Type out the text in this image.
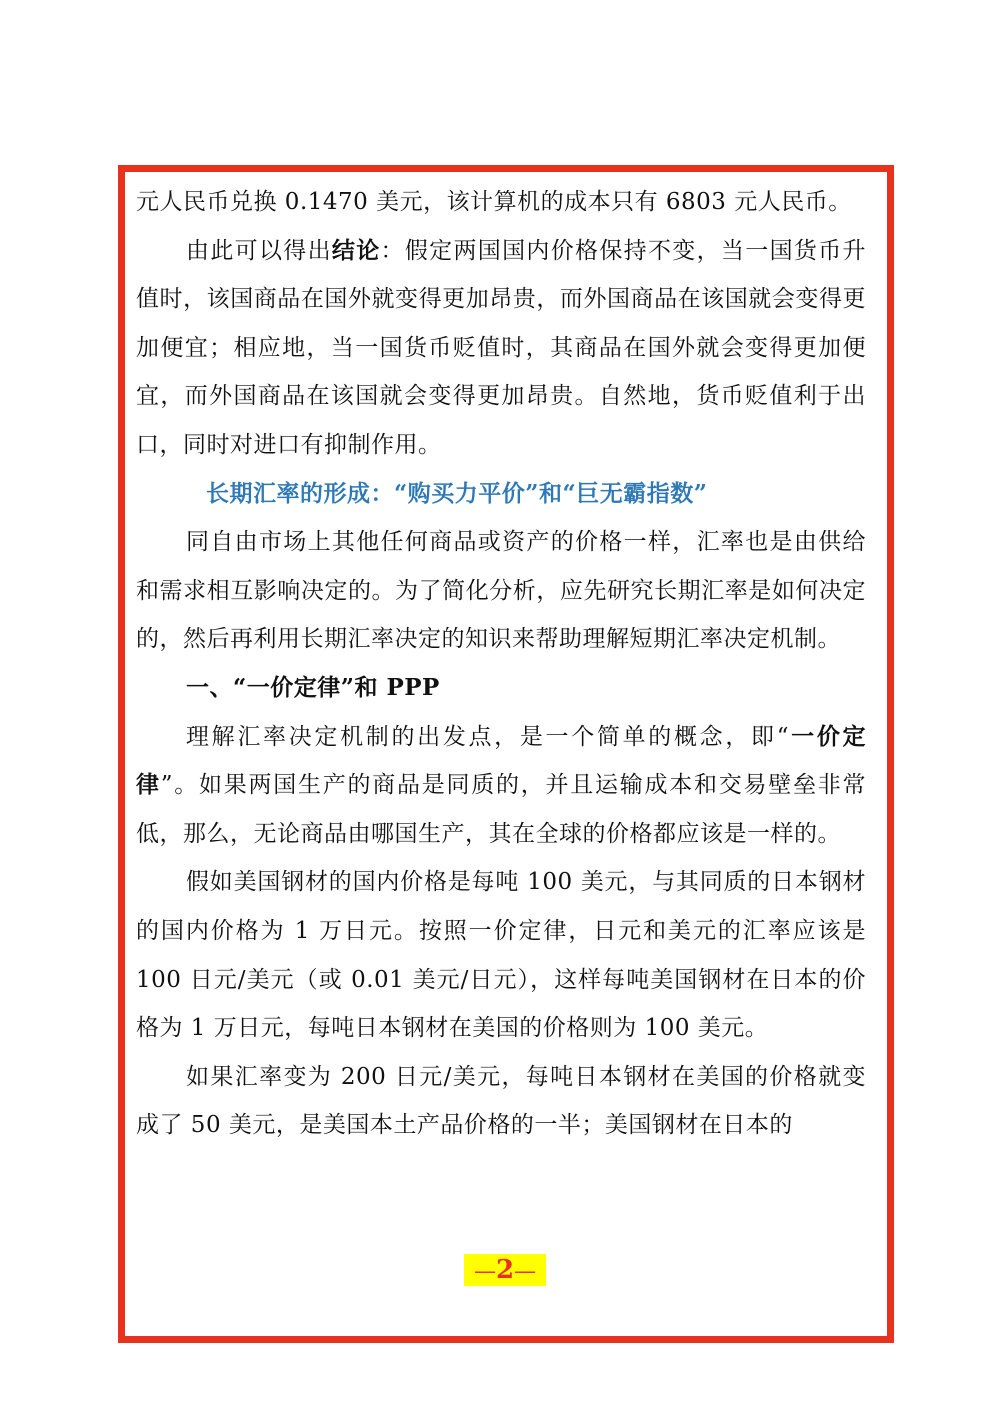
元人民币兑换 0.1470 美元，该计算机的成本只有 6803 元人民币。

由此可以得出结论：假定两国国内价格保持不变，当一国货币升值时，该国商品在国外就变得更加昂贵，而外国商品在该国就会变得更加便宜；相应地，当一国货币贬值时，其商品在国外就会变得更加便宜，而外国商品在该国就会变得更加昂贵。自然地，货币贬值利于出口，同时对进口有抑制作用。

长期汇率的形成：“购买力平价”和“巨无霸指数”

同自由市场上其他任何商品或资产的价格一样，汇率也是由供给和需求相互影响决定的。为了简化分析，应先研究长期汇率是如何决定的，然后再利用长期汇率决定的知识来帮助理解短期汇率决定机制。

一、“一价定律”和 PPP

理解汇率决定机制的出发点，是一个简单的概念，即“一价定律”。如果两国生产的商品是同质的，并且运输成本和交易壁垒非常低，那么，无论商品由哪国生产，其在全球的价格都应该是一样的。

假如美国钢材的国内价格是每吨 100 美元，与其同质的日本钢材的国内价格为 1 万日元。按照一价定律，日元和美元的汇率应该是 100 日元/美元（或 0.01 美元/日元），这样每吨美国钢材在日本的价格为 1 万日元，每吨日本钢材在美国的价格则为 100 美元。

如果汇率变为 200 日元/美元，每吨日本钢材在美国的价格就变成了 50 美元，是美国本土产品价格的一半；美国钢材在日本的

—2—
